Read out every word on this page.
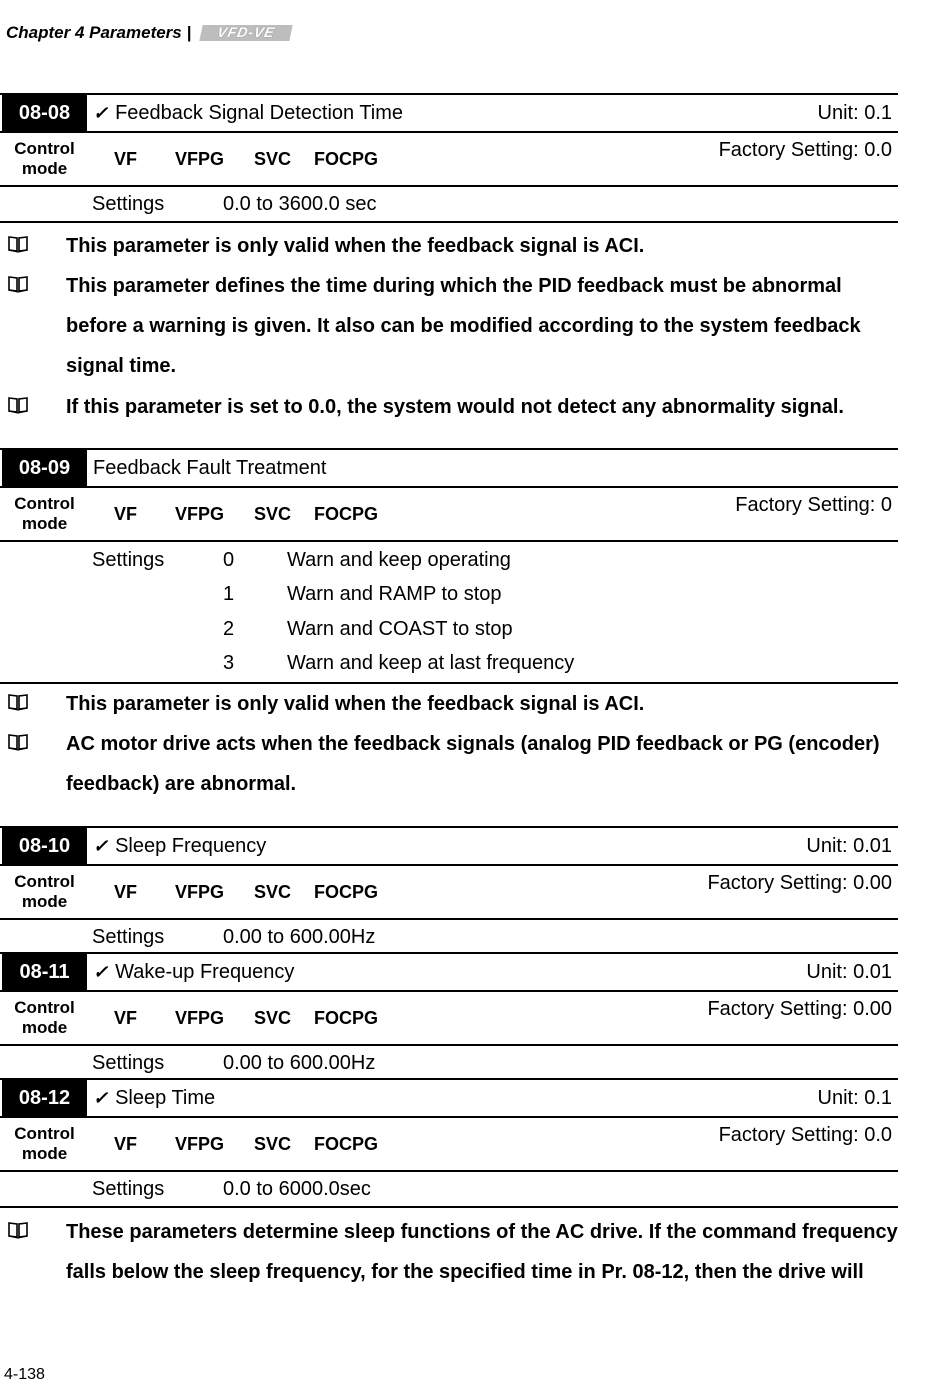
Chapter 4 Parameters |	VFD-VE
08-08	✓ Feedback Signal Detection Time	Unit: 0.1
Control mode	VF VFPG SVC FOCPG	Factory Setting: 0.0
Settings	0.0 to 3600.0 sec
This parameter is only valid when the feedback signal is ACI.
This parameter defines the time during which the PID feedback must be abnormal before a warning is given. It also can be modified according to the system feedback signal time.
If this parameter is set to 0.0, the system would not detect any abnormality signal.
08-09	Feedback Fault Treatment
Control mode	VF VFPG SVC FOCPG	Factory Setting: 0
Settings	0	Warn and keep operating
1	Warn and RAMP to stop
2	Warn and COAST to stop
3	Warn and keep at last frequency
This parameter is only valid when the feedback signal is ACI.
AC motor drive acts when the feedback signals (analog PID feedback or PG (encoder) feedback) are abnormal.
08-10	✓ Sleep Frequency	Unit: 0.01
Control mode	VF VFPG SVC FOCPG	Factory Setting: 0.00
Settings	0.00 to 600.00Hz
08-11	✓ Wake-up Frequency	Unit: 0.01
Control mode	VF VFPG SVC FOCPG	Factory Setting: 0.00
Settings	0.00 to 600.00Hz
08-12	✓ Sleep Time	Unit: 0.1
Control mode	VF VFPG SVC FOCPG	Factory Setting: 0.0
Settings	0.0 to 6000.0sec
These parameters determine sleep functions of the AC drive. If the command frequency falls below the sleep frequency, for the specified time in Pr. 08-12, then the drive will
4-138
